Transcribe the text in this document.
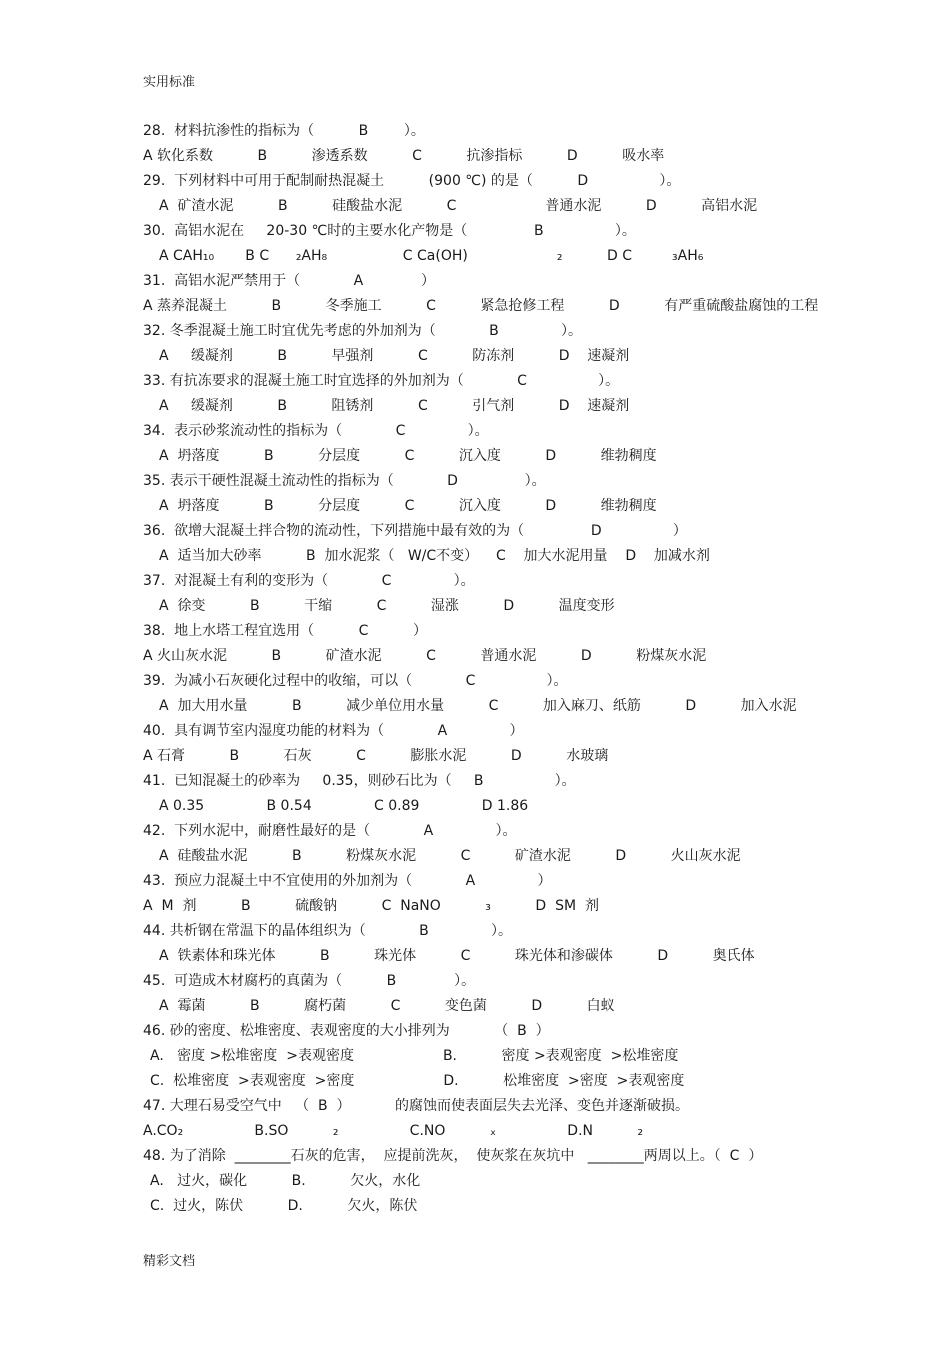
实用标准
28.  材料抗渗性的指标为（          B        ）。
A 软化系数          B          渗透系数          C          抗渗指标          D          吸水率
29.  下列材料中可用于配制耐热混凝土          (900 ℃) 的是（          D                ）。
A  矿渣水泥          B          硅酸盐水泥          C                    普通水泥          D          高铝水泥
30.  高铝水泥在     20-30 ℃时的主要水化产物是（               B                ）。
A CAH₁₀       B C      ₂AH₈                 C Ca(OH)                    ₂          D C         ₃AH₆
31.  高铝水泥严禁用于（            A             ）
A 蒸养混凝土          B          冬季施工          C          紧急抢修工程          D          有严重硫酸盐腐蚀的工程
32. 冬季混凝土施工时宜优先考虑的外加剂为（            B              ）。
A     缓凝剂          B          早强剂          C          防冻剂          D    速凝剂
33. 有抗冻要求的混凝土施工时宜选择的外加剂为（            C                ）。
A     缓凝剂          B          阻锈剂          C          引气剂          D    速凝剂
34.  表示砂浆流动性的指标为（            C              ）。
A  坍落度          B          分层度          C          沉入度          D          维勃稠度
35. 表示干硬性混凝土流动性的指标为（            D               ）。
A  坍落度          B          分层度          C          沉入度          D          维勃稠度
36.  欲增大混凝土拌合物的流动性，下列措施中最有效的为（               D                ）
A  适当加大砂率          B  加水泥浆（   W/C不变）    C    加大水泥用量    D    加减水剂
37.  对混凝土有利的变形为（            C              ）。
A  徐变          B          干缩          C          湿涨          D          温度变形
38.  地上水塔工程宜选用（          C          ）
A 火山灰水泥          B          矿渣水泥          C          普通水泥          D          粉煤灰水泥
39.  为减小石灰硬化过程中的收缩，可以（            C                ）。
A  加大用水量          B          减少单位用水量          C          加入麻刀、纸筋          D          加入水泥
40.  具有调节室内湿度功能的材料为（            A              ）
A 石膏          B          石灰          C          膨胀水泥          D          水玻璃
41.  已知混凝土的砂率为     0.35，则砂石比为（     B                ）。
A 0.35              B 0.54              C 0.89              D 1.86
42.  下列水泥中，耐磨性最好的是（            A              ）。
A  硅酸盐水泥          B          粉煤灰水泥          C          矿渣水泥          D          火山灰水泥
43.  预应力混凝土中不宜使用的外加剂为（            A              ）
A  M  剂          B          硫酸钠          C  NaNO          ₃          D  SM  剂
44. 共析钢在常温下的晶体组织为（            B              ）。
A  铁素体和珠光体          B          珠光体          C          珠光体和渗碳体          D          奥氏体
45.  可造成木材腐朽的真菌为（          B             ）。
A  霉菌          B          腐朽菌          C          变色菌          D          白蚁
46. 砂的密度、松堆密度、表观密度的大小排列为          （  B  ）
A.   密度 >松堆密度  >表观密度                    B.          密度 >表观密度  >松堆密度
C.  松堆密度  >表观密度  >密度                    D.          松堆密度  >密度  >表观密度
47. 大理石易受空气中   （  B  ）          的腐蚀而使表面层失去光泽、变色并逐渐破损。
A.CO₂                B.SO          ₂                C.NO          ₓ                D.N          ₂
48. 为了消除  ________石灰的危害，  应提前洗灰，  使灰浆在灰坑中   ________两周以上。（  C  ）
A.   过火，碳化          B.          欠火，水化
C.  过火，陈伏          D.          欠火，陈伏
精彩文档
